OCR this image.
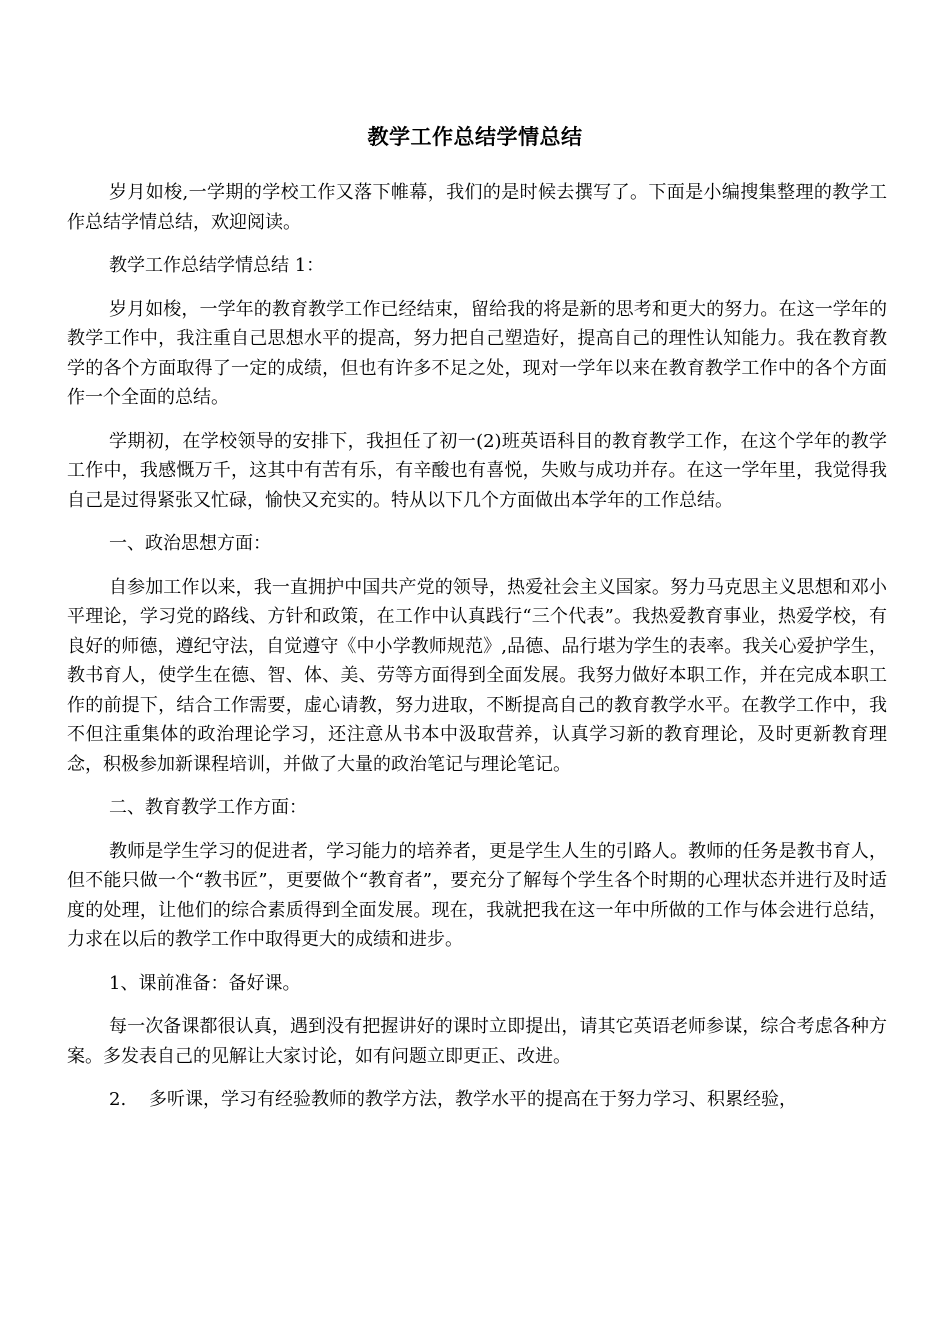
教学工作总结学情总结

岁月如梭,一学期的学校工作又落下帷幕，我们的是时候去撰写了。下面是小编搜集整理的教学工作总结学情总结，欢迎阅读。

教学工作总结学情总结 1：

岁月如梭，一学年的教育教学工作已经结束，留给我的将是新的思考和更大的努力。在这一学年的教学工作中，我注重自己思想水平的提高，努力把自己塑造好，提高自己的理性认知能力。我在教育教学的各个方面取得了一定的成绩，但也有许多不足之处，现对一学年以来在教育教学工作中的各个方面作一个全面的总结。

学期初，在学校领导的安排下，我担任了初一(2)班英语科目的教育教学工作，在这个学年的教学工作中，我感慨万千，这其中有苦有乐，有辛酸也有喜悦，失败与成功并存。在这一学年里，我觉得我自己是过得紧张又忙碌，愉快又充实的。特从以下几个方面做出本学年的工作总结。

一、政治思想方面：

自参加工作以来，我一直拥护中国共产党的领导，热爱社会主义国家。努力马克思主义思想和邓小平理论，学习党的路线、方针和政策，在工作中认真践行“三个代表”。我热爱教育事业，热爱学校，有良好的师德，遵纪守法，自觉遵守《中小学教师规范》,品德、品行堪为学生的表率。我关心爱护学生，教书育人，使学生在德、智、体、美、劳等方面得到全面发展。我努力做好本职工作，并在完成本职工作的前提下，结合工作需要，虚心请教，努力进取，不断提高自己的教育教学水平。在教学工作中，我不但注重集体的政治理论学习，还注意从书本中汲取营养，认真学习新的教育理论，及时更新教育理念，积极参加新课程培训，并做了大量的政治笔记与理论笔记。

二、教育教学工作方面：

教师是学生学习的促进者，学习能力的培养者，更是学生人生的引路人。教师的任务是教书育人，但不能只做一个“教书匠”，更要做个“教育者”，要充分了解每个学生各个时期的心理状态并进行及时适度的处理，让他们的综合素质得到全面发展。现在，我就把我在这一年中所做的工作与体会进行总结，力求在以后的教学工作中取得更大的成绩和进步。

1、课前准备：备好课。

每一次备课都很认真，遇到没有把握讲好的课时立即提出，请其它英语老师参谋，综合考虑各种方案。多发表自己的见解让大家讨论，如有问题立即更正、改进。

2. 多听课，学习有经验教师的教学方法，教学水平的提高在于努力学习、积累经验，
